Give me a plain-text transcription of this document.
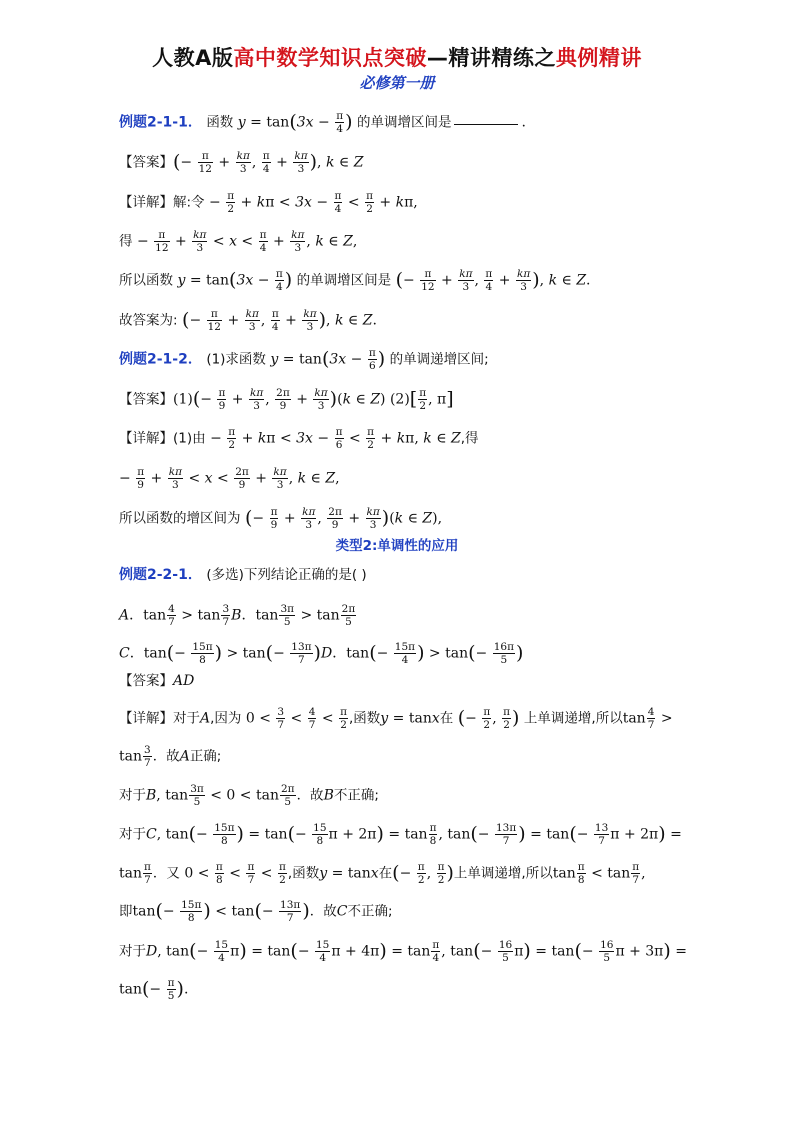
人教A版高中数学知识点突破—精讲精练之典例精讲
必修第一册
例题2-1-1． 函数 $y = \tan(3x - \frac{\pi}{4}$ ) 的单调增区间是	.
【答案】(− $\frac{\pi}{12} + \frac{k\pi}{3}$ , $\frac{\pi}{4} + \frac{k\pi}{3}$ ), k ∈ Z
【详解】解:令 − $\frac{\pi}{2} + k\pi < 3x - \frac{\pi}{4} < \frac{\pi}{2} + k\pi$,
得 − $\frac{\pi}{12} + \frac{k\pi}{3} < x < \frac{\pi}{4} + \frac{k\pi}{3}$ , k ∈ Z,
所以函数 $y = \tan(3x - \frac{\pi}{4}$ ) 的单调增区间是 (− $\frac{\pi}{12} + \frac{k\pi}{3}$ , $\frac{\pi}{4} + \frac{k\pi}{3}$ ), k ∈ Z.
故答案为: (− $\frac{\pi}{12} + \frac{k\pi}{3}$ , $\frac{\pi}{4} + \frac{k\pi}{3}$ ), k ∈ Z.
例题2-1-2． (1)求函数 $y = \tan(3x - \frac{\pi}{6}$ ) 的单调递增区间;
【答案】$(1)(- \frac{\pi}{9} + \frac{k\pi}{3}$ , $\frac{2\pi}{9} + \frac{k\pi}{3} )(k$ ∈ Z) $(2)[ \frac{\pi}{2}$ , π]
【详解】(1)由 − $\frac{\pi}{2} + k\pi < 3x - \frac{\pi}{6} < \frac{\pi}{2} + k\pi$, k ∈ Z,得
− $\frac{\pi}{9} + \frac{k\pi}{3} < x < \frac{2\pi}{9} + \frac{k\pi}{3}$ , k ∈ Z,
所以函数的增区间为 (− $\frac{\pi}{9} + \frac{k\pi}{3}$ , $\frac{2\pi}{9} + \frac{k\pi}{3} )(k$ ∈ Z),
类型2:单调性的应用
例题2-2-1． (多选)下列结论正确的是( )
A．$\tan \frac{4}{7} > \tan \frac{3}{7}$ B．$\tan \frac{3\pi}{5} > \tan \frac{2\pi}{5}$
C．$\tan(- \frac{15\pi}{8}$ ) > $\tan(- \frac{13\pi}{7} )D$．$\tan(- \frac{15\pi}{4}$ ) > $\tan(- \frac{16\pi}{5}$ )
【答案】AD
【详解】对于A,因为 $0 < \frac{3}{7} < \frac{4}{7} < \frac{\pi}{2}$ ,函数y = tanx在 (− $\frac{\pi}{2}$ , $\frac{\pi}{2}$ ) 上单调递增,所以$\tan \frac{4}{7}$ >
$\tan \frac{3}{7}$ ．故A正确;
对于B, $\tan \frac{3\pi}{5} < 0 < \tan \frac{2\pi}{5}$ ．故B不正确;
对于C, $\tan(- \frac{15\pi}{8}$ ) = $\tan(- \frac{15}{8}$ $\pi + 2\pi) = \tan \frac{\pi}{8}$ , $\tan(- \frac{13\pi}{7}$ ) = $\tan(- \frac{13}{7}$ π + 2π) =
$\tan \frac{\pi}{7}$ ．又 $0 < \frac{\pi}{8} < \frac{\pi}{7} < \frac{\pi}{2}$ ,函数y = tanx在(− $\frac{\pi}{2}$ , $\frac{\pi}{2}$ )上单调递增,所以$\tan \frac{\pi}{8} < \tan \frac{\pi}{7}$ ,
即$\tan(- \frac{15\pi}{8}$ ) < $\tan(- \frac{13\pi}{7}$ )．故C不正确;
对于D, $\tan(- \frac{15}{4} \pi) = \tan(- \frac{15}{4}$ $\pi + 4\pi) = \tan \frac{\pi}{4}$ , $\tan(- \frac{16}{5} \pi) = \tan(- \frac{16}{5}$ π + 3π) =
$\tan(- \frac{\pi}{5}$ ).
